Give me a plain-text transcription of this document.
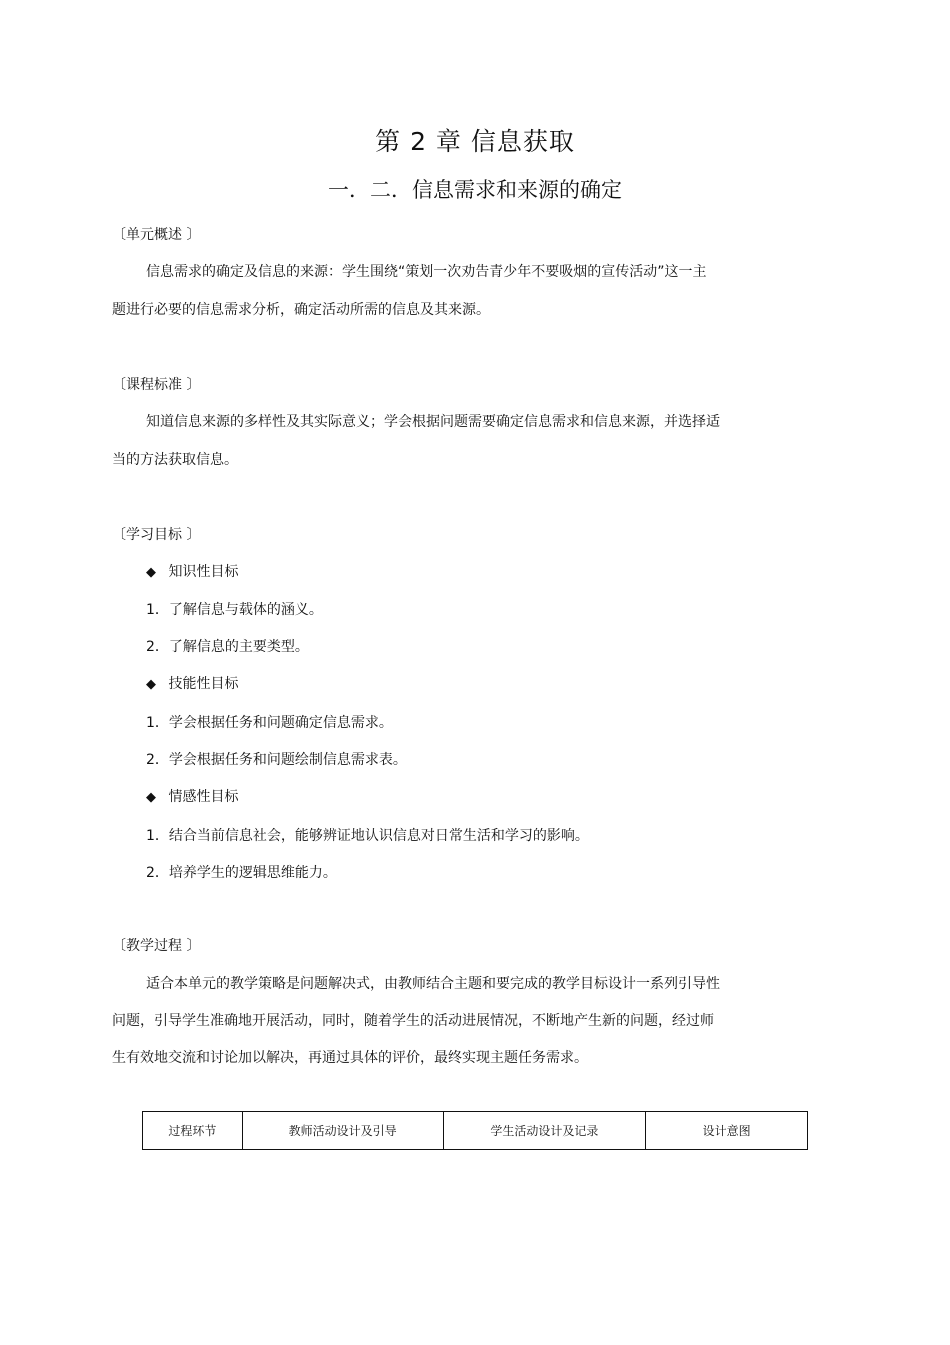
第 2 章 信息获取
一．二．信息需求和来源的确定
〔单元概述 〕
信息需求的确定及信息的来源：学生围绕“策划一次劝告青少年不要吸烟的宣传活动”这一主
题进行必要的信息需求分析，确定活动所需的信息及其来源。
〔课程标准 〕
知道信息来源的多样性及其实际意义；学会根据问题需要确定信息需求和信息来源，并选择适
当的方法获取信息。
〔学习目标 〕
◆ 知识性目标
1．了解信息与载体的涵义。
2．了解信息的主要类型。
◆ 技能性目标
1．学会根据任务和问题确定信息需求。
2．学会根据任务和问题绘制信息需求表。
◆ 情感性目标
1．结合当前信息社会，能够辨证地认识信息对日常生活和学习的影响。
2．培养学生的逻辑思维能力。
〔教学过程 〕
适合本单元的教学策略是问题解决式，由教师结合主题和要完成的教学目标设计一系列引导性
问题，引导学生准确地开展活动，同时，随着学生的活动进展情况，不断地产生新的问题，经过师
生有效地交流和讨论加以解决，再通过具体的评价，最终实现主题任务需求。
过程环节	教师活动设计及引导	学生活动设计及记录	设计意图
